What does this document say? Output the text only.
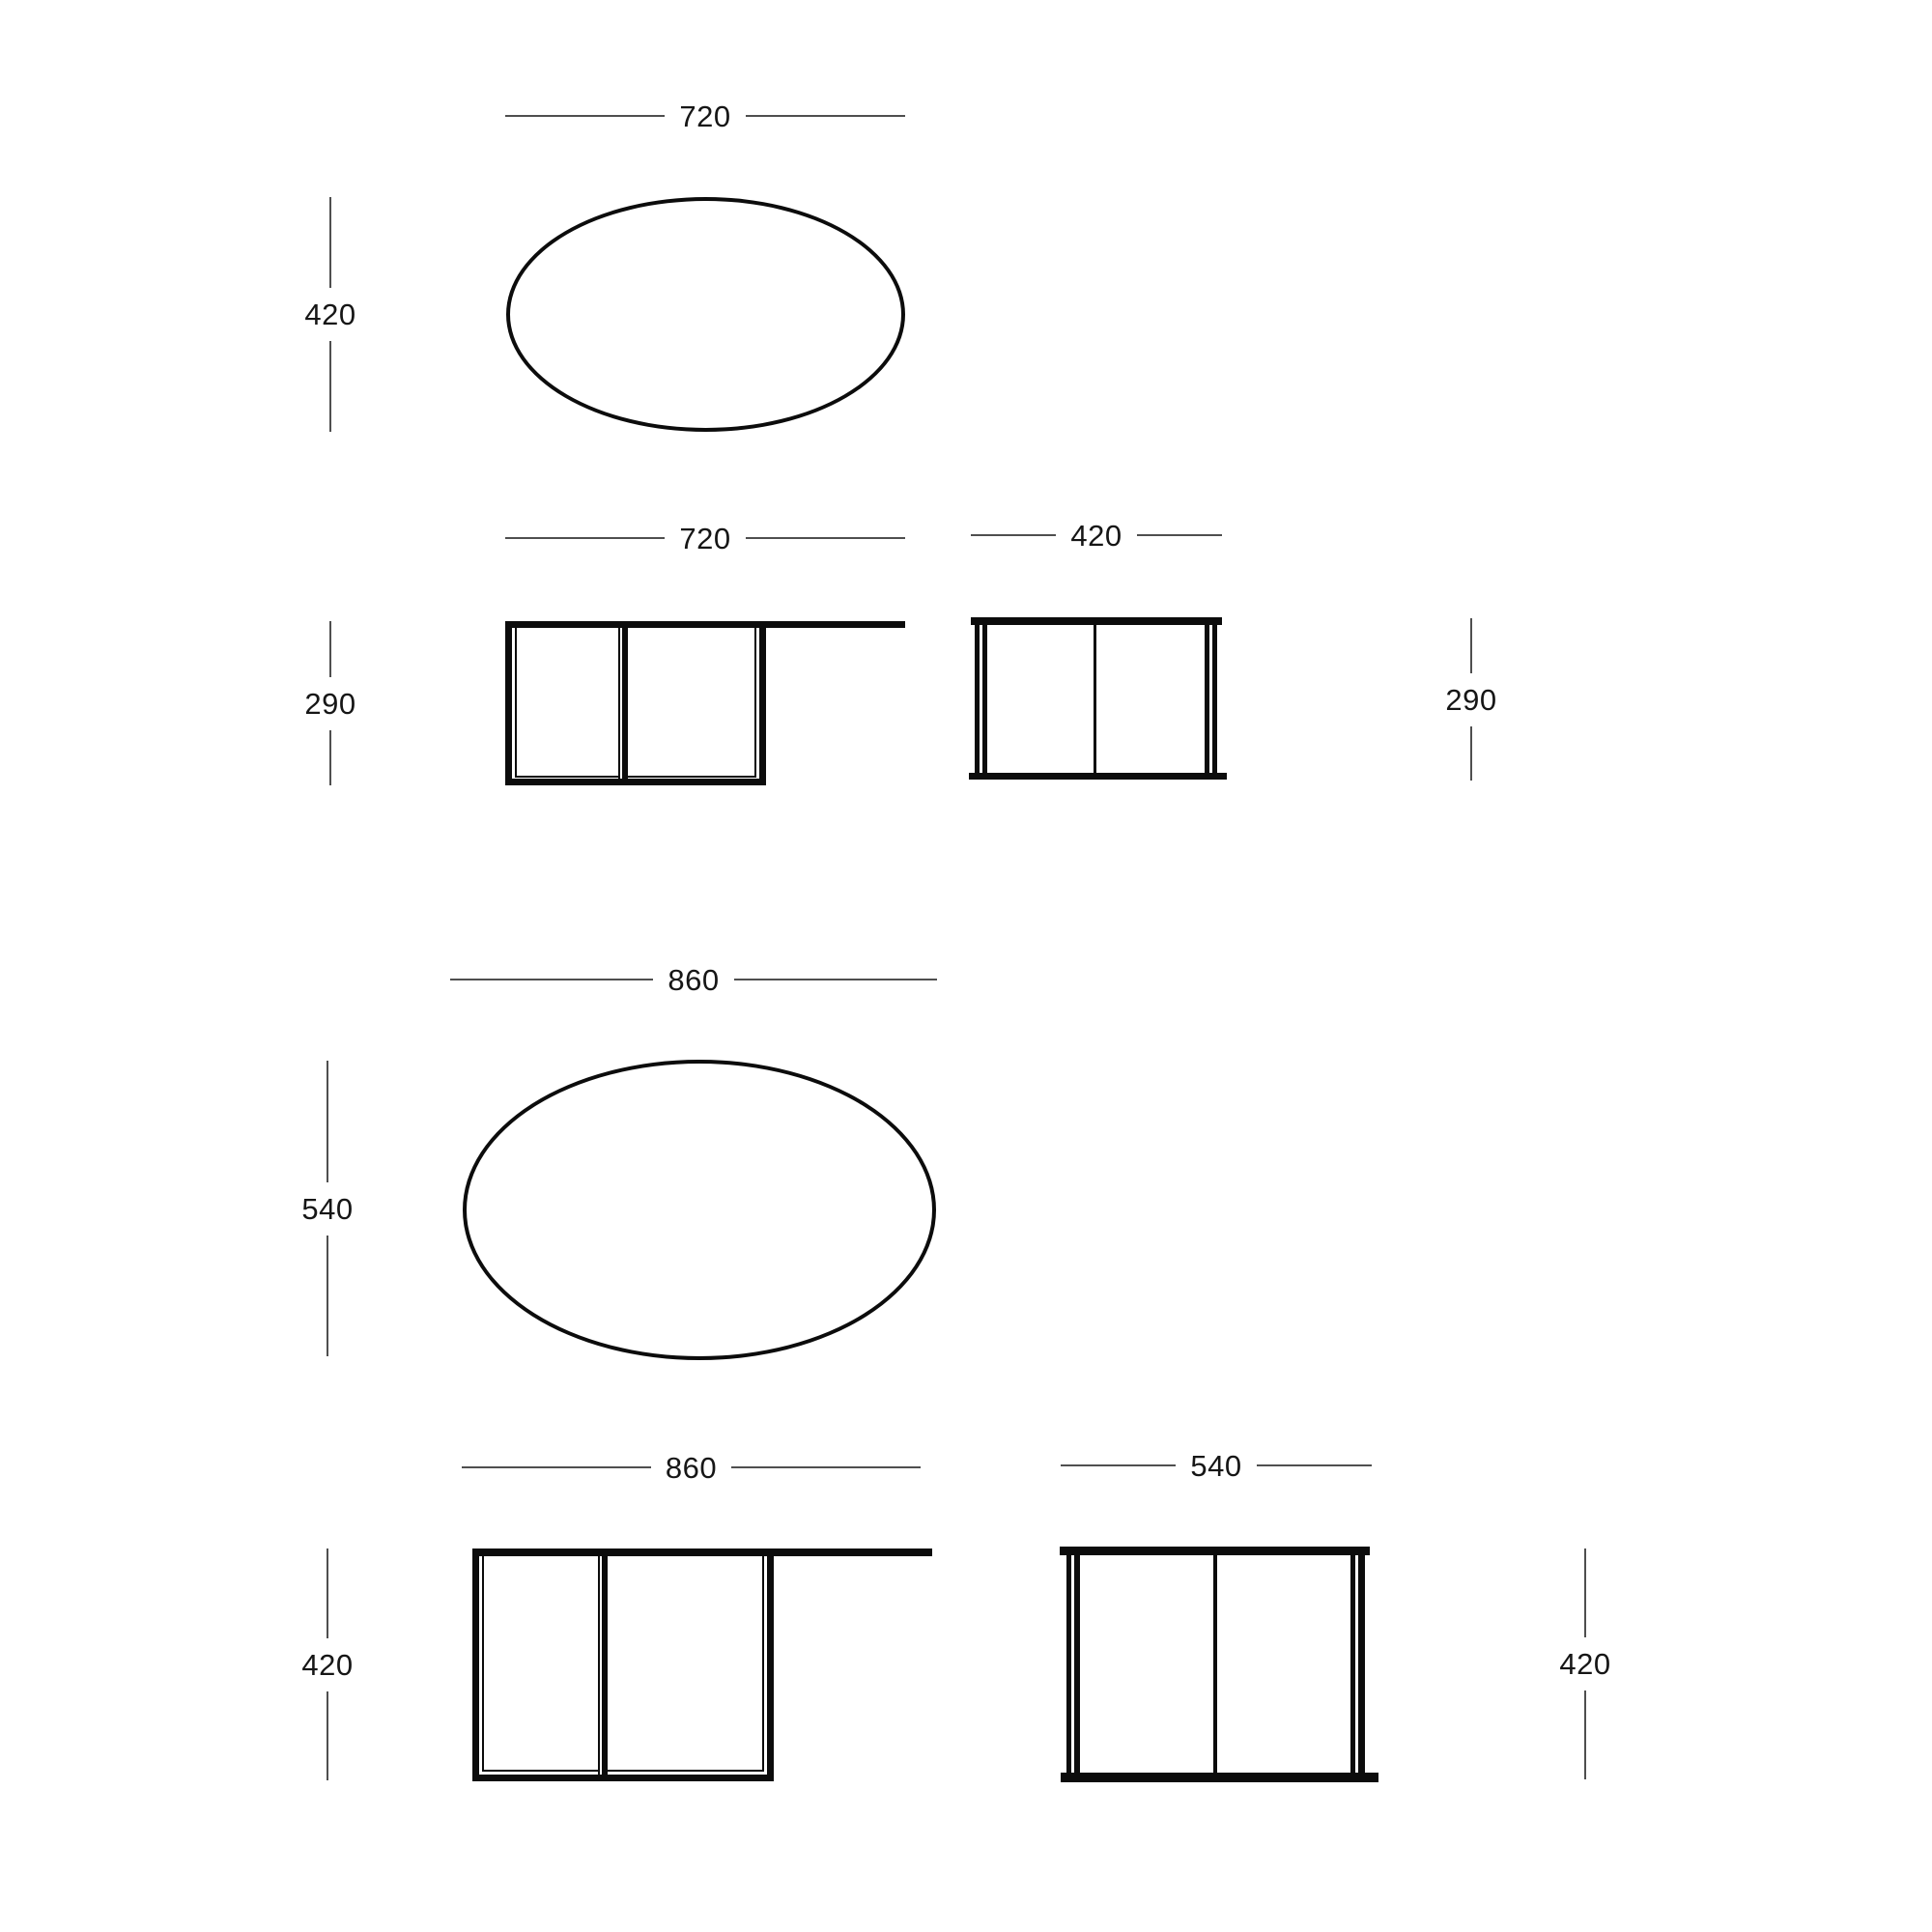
720
420
720	420
290	290
860
540
860	540
420	420
